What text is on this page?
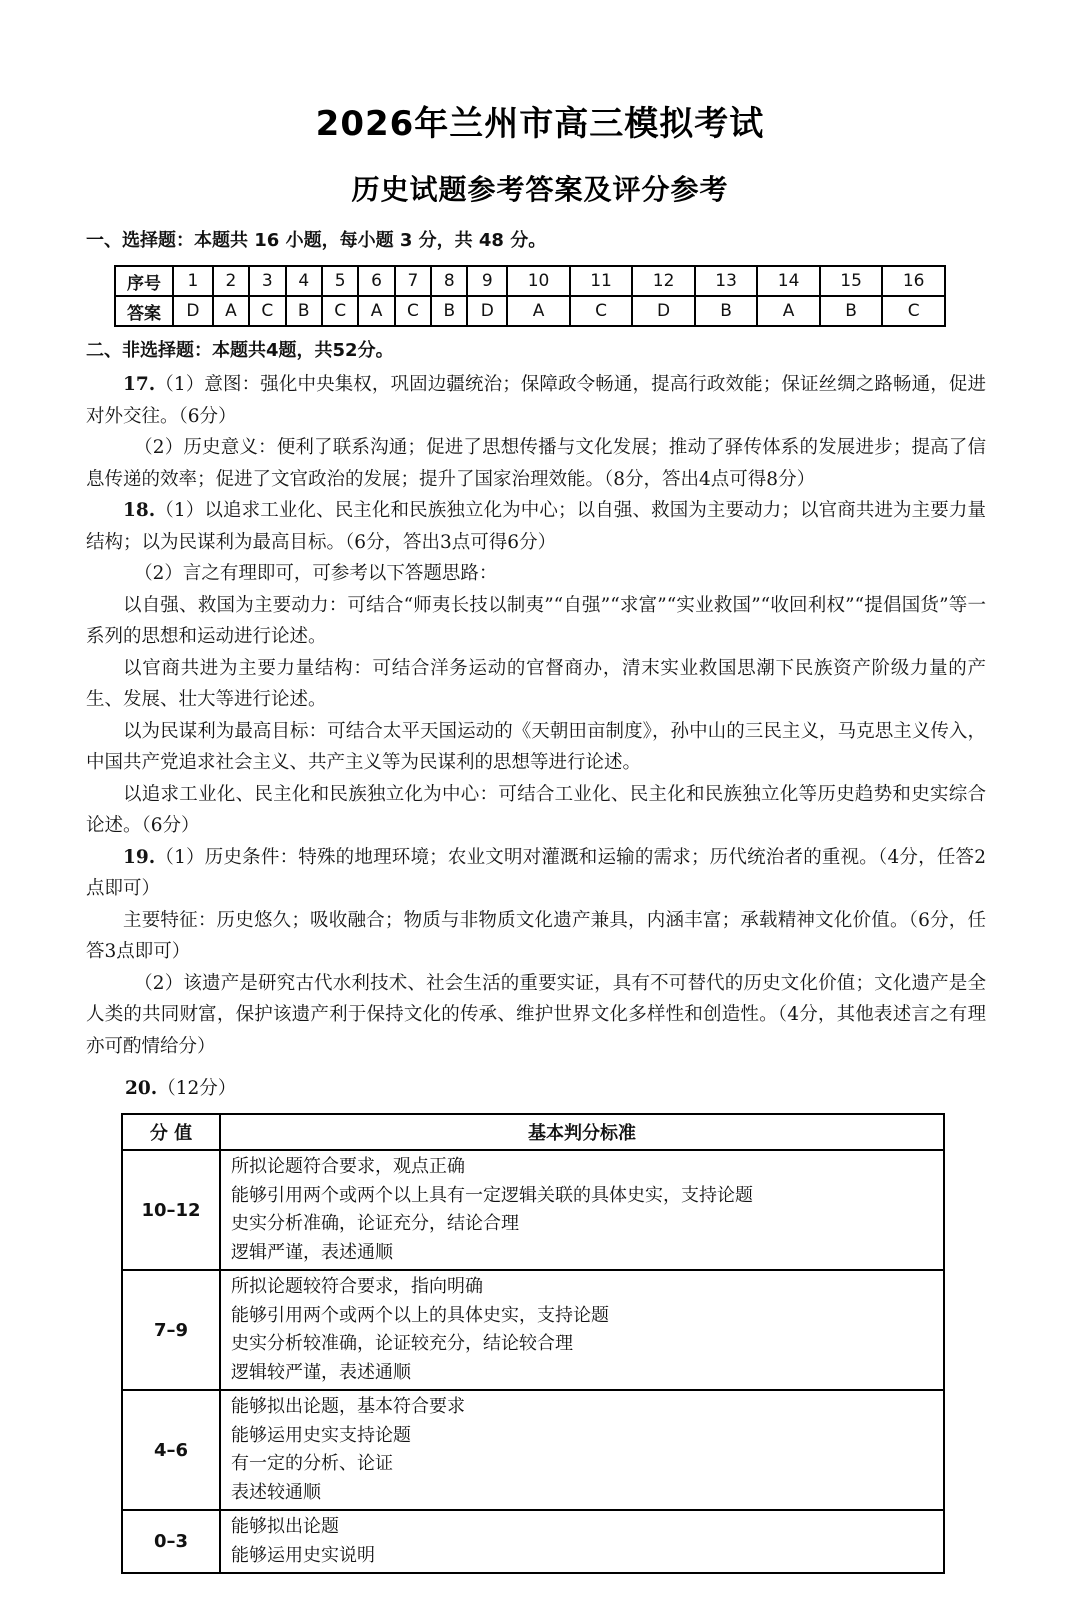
2026年兰州市高三模拟考试
历史试题参考答案及评分参考
一、选择题：本题共 16 小题，每小题 3 分，共 48 分。
序号	1	2	3	4	5	6	7	8	9	10	11	12	13	14	15	16
答案	D	A	C	B	C	A	C	B	D	A	C	D	B	A	B	C
二、非选择题：本题共4题，共52分。

17.（1）意图：强化中央集权，巩固边疆统治；保障政令畅通，提高行政效能；保证丝绸之路畅通，促进对外交往。（6分）

（2）历史意义：便利了联系沟通；促进了思想传播与文化发展；推动了驿传体系的发展进步；提高了信息传递的效率；促进了文官政治的发展；提升了国家治理效能。（8分，答出4点可得8分）

18.（1）以追求工业化、民主化和民族独立化为中心；以自强、救国为主要动力；以官商共进为主要力量结构；以为民谋利为最高目标。（6分，答出3点可得6分）

（2）言之有理即可，可参考以下答题思路：

以自强、救国为主要动力：可结合“师夷长技以制夷”“自强”“求富”“实业救国”“收回利权”“提倡国货”等一系列的思想和运动进行论述。

以官商共进为主要力量结构：可结合洋务运动的官督商办，清末实业救国思潮下民族资产阶级力量的产生、发展、壮大等进行论述。

以为民谋利为最高目标：可结合太平天国运动的《天朝田亩制度》，孙中山的三民主义，马克思主义传入，中国共产党追求社会主义、共产主义等为民谋利的思想等进行论述。

以追求工业化、民主化和民族独立化为中心：可结合工业化、民主化和民族独立化等历史趋势和史实综合论述。（6分）

19.（1）历史条件：特殊的地理环境；农业文明对灌溉和运输的需求；历代统治者的重视。（4分，任答2点即可）

主要特征：历史悠久；吸收融合；物质与非物质文化遗产兼具，内涵丰富；承载精神文化价值。（6分，任答3点即可）

（2）该遗产是研究古代水利技术、社会生活的重要实证，具有不可替代的历史文化价值；文化遗产是全人类的共同财富，保护该遗产利于保持文化的传承、维护世界文化多样性和创造性。（4分，其他表述言之有理亦可酌情给分）

20.（12分）
分 值	基本判分标准
10–12	所拟论题符合要求，观点正确
能够引用两个或两个以上具有一定逻辑关联的具体史实，支持论题
史实分析准确，论证充分，结论合理
逻辑严谨，表述通顺

7–9	所拟论题较符合要求，指向明确
能够引用两个或两个以上的具体史实，支持论题
史实分析较准确，论证较充分，结论较合理
逻辑较严谨，表述通顺

4–6	能够拟出论题，基本符合要求
能够运用史实支持论题
有一定的分析、论证
表述较通顺

0–3	能够拟出论题
能够运用史实说明
